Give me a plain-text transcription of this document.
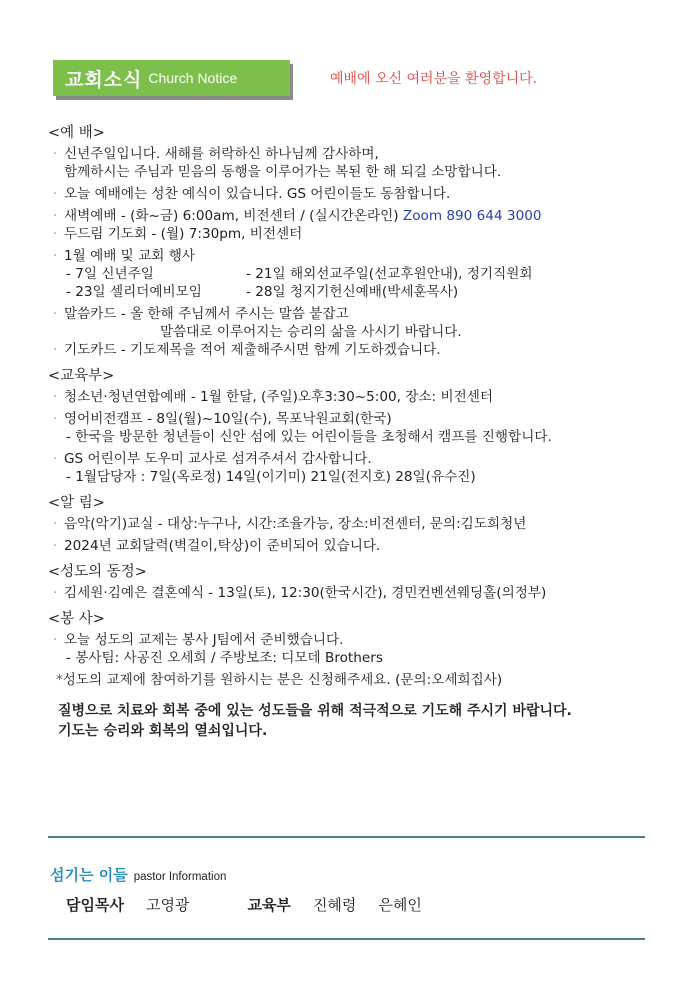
교회소식 Church Notice	예배에 오신 여러분을 환영합니다.
<예 배>
· 신년주일입니다. 새해를 허락하신 하나님께 감사하며,
함께하시는 주님과 믿음의 동행을 이루어가는 복된 한 해 되길 소망합니다.
· 오늘 예배에는 성찬 예식이 있습니다. GS 어린이들도 동참합니다.
· 새벽예배 - (화~금) 6:00am, 비전센터 / (실시간온라인) Zoom 890 644 3000
· 두드림 기도회 - (월) 7:30pm, 비전센터
· 1월 예배 및 교회 행사
- 7일 신년주일	- 21일 해외선교주일(선교후원안내), 정기직원회
- 23일 셀리더예비모임	- 28일 청지기헌신예배(박세훈목사)
· 말씀카드 - 올 한해 주님께서 주시는 말씀 붙잡고
말씀대로 이루어지는 승리의 삶을 사시기 바랍니다.
· 기도카드 - 기도제목을 적어 제출해주시면 함께 기도하겠습니다.
<교육부>
· 청소년·청년연합예배 - 1월 한달, (주일)오후3:30~5:00, 장소: 비전센터
· 영어비전캠프 - 8일(월)~10일(수), 목포낙원교회(한국)
- 한국을 방문한 청년들이 신안 섬에 있는 어린이들을 초청해서 캠프를 진행합니다.
· GS 어린이부 도우미 교사로 섬겨주셔서 감사합니다.
- 1월담당자 : 7일(옥로정) 14일(이기미) 21일(전지호) 28일(유수진)
<알 림>
· 음악(악기)교실 - 대상:누구나, 시간:조율가능, 장소:비전센터, 문의:김도희청년
· 2024년 교회달력(벽걸이,탁상)이 준비되어 있습니다.
<성도의 동정>
· 김세원·김예은 결혼예식 - 13일(토), 12:30(한국시간), 경민컨벤션웨딩홀(의정부)
<봉 사>
· 오늘 성도의 교제는 봉사 J팀에서 준비했습니다.
- 봉사팀: 사공진 오세희 / 주방보조: 디모데 Brothers
*성도의 교제에 참여하기를 원하시는 분은 신청해주세요. (문의:오세희집사)
질병으로 치료와 회복 중에 있는 성도들을 위해 적극적으로 기도해 주시기 바랍니다.
기도는 승리와 회복의 열쇠입니다.
섬기는 이들 pastor Information
담임목사 고영광	교육부 진혜령 은혜인
